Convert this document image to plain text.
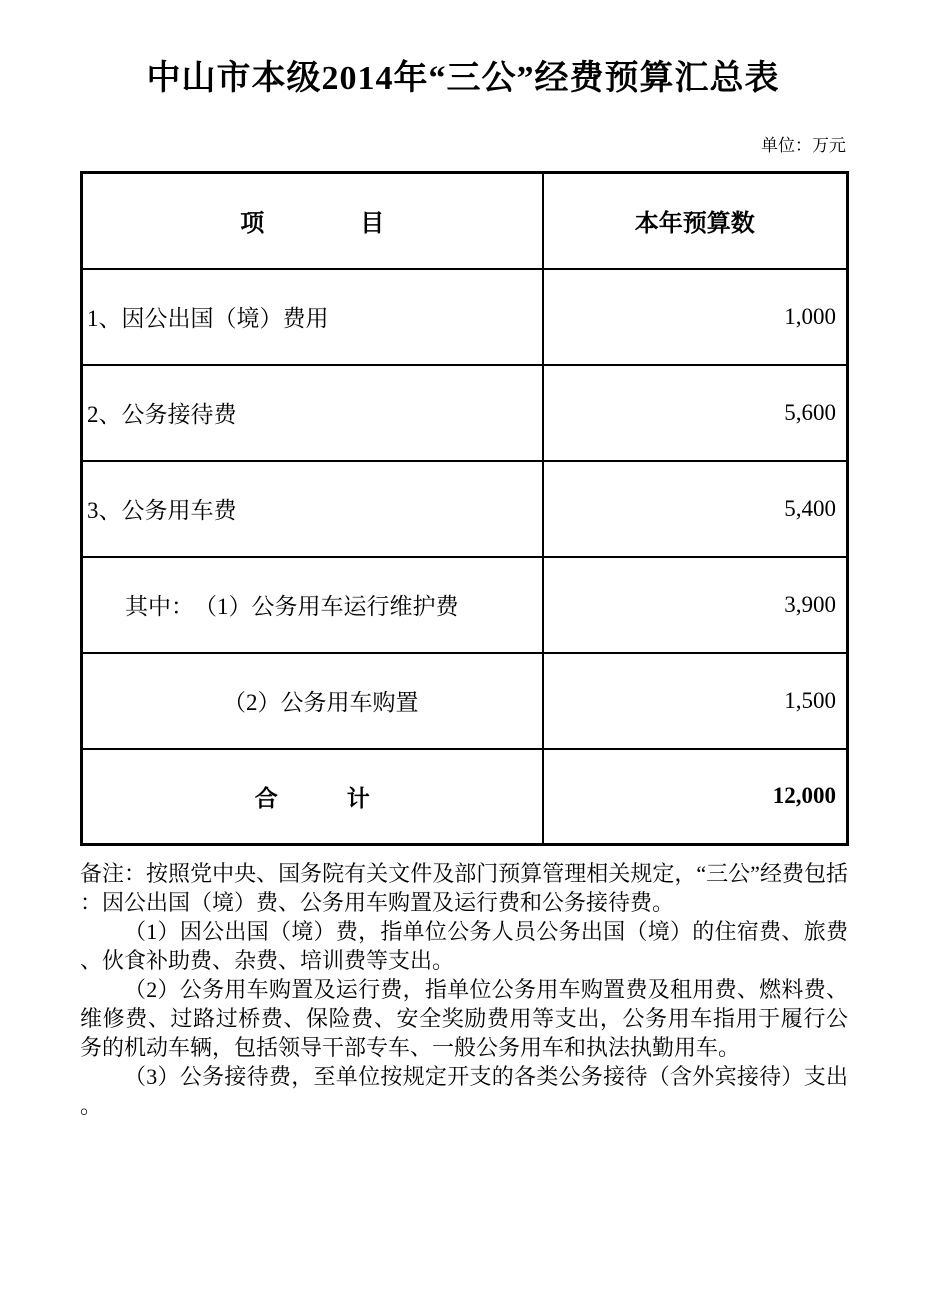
中山市本级2014年“三公”经费预算汇总表
单位：万元
项　　　　目	本年预算数
1、因公出国（境）费用	1,000
2、公务接待费	5,600
3、公务用车费	5,400
其中：　（1）公务用车运行维护费	3,900
（2）公务用车购置	1,500
合　　　计	12,000

备注：按照党中央、国务院有关文件及部门预算管理相关规定，“三公”经费包括：因公出国（境）费、公务用车购置及运行费和公务接待费。

（1）因公出国（境）费，指单位公务人员公务出国（境）的住宿费、旅费、伙食补助费、杂费、培训费等支出。

（2）公务用车购置及运行费，指单位公务用车购置费及租用费、燃料费、维修费、过路过桥费、保险费、安全奖励费用等支出，公务用车指用于履行公务的机动车辆，包括领导干部专车、一般公务用车和执法执勤用车。

（3）公务接待费，至单位按规定开支的各类公务接待（含外宾接待）支出。
